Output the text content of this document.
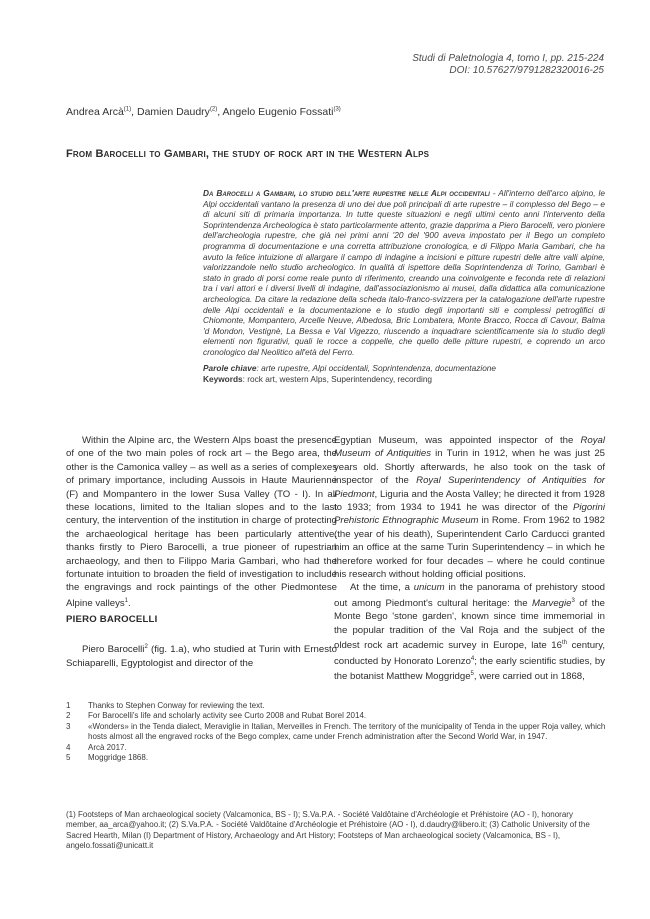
Studi di Paletnologia 4, tomo I, pp. 215-224
DOI: 10.57627/9791282320016-25
Andrea Arcà$^{(1)}$, Damien Daudry$^{(2)}$, Angelo Eugenio Fossati$^{(3)}$
From Barocelli to Gambari, the study of rock art in the Western Alps
Da Barocelli a Gambari, lo studio dell'arte rupestre nelle Alpi occidentali - All'interno dell'arco alpino, le Alpi occidentali vantano la presenza di uno dei due poli principali di arte rupestre – il complesso del Bego – e di alcuni siti di primaria importanza. In tutte queste situazioni e negli ultimi cento anni l'intervento della Soprintendenza Archeologica è stato particolarmente attento, grazie dapprima a Piero Barocelli, vero pioniere dell'archeologia rupestre, che già nei primi anni '20 del '900 aveva impostato per il Bego un completo programma di documentazione e una corretta attribuzione cronologica, e di Filippo Maria Gambari, che ha avuto la felice intuizione di allargare il campo di indagine a incisioni e pitture rupestri delle altre valli alpine, valorizzandole nello studio archeologico. In qualità di ispettore della Soprintendenza di Torino, Gambari è stato in grado di porsi come reale punto di riferimento, creando una coinvolgente e feconda rete di relazioni tra i vari attori e i diversi livelli di indagine, dall'associazionismo ai musei, dalla didattica alla comunicazione archeologica. Da citare la redazione della scheda italo-franco-svizzera per la catalogazione dell'arte rupestre delle Alpi occidentali e la documentazione e lo studio degli importanti siti e complessi petroglifici di Chiomonte, Mompantero, Arcelle Neuve, Albedosa, Bric Lombatera, Monte Bracco, Rocca di Cavour, Balma 'd Mondon, Vestignè, La Bessa e Val Vigezzo, riuscendo a inquadrare scientificamente sia lo studio degli elementi non figurativi, quali le rocce a coppelle, che quello delle pitture rupestri, e coprendo un arco cronologico dal Neolitico all'età del Ferro.
Parole chiave: arte rupestre, Alpi occidentali, Soprintendenza, documentazione
Keywords: rock art, western Alps, Superintendency, recording

Within the Alpine arc, the Western Alps boast the presence of one of the two main poles of rock art – the Bego area, the other is the Camonica valley – as well as a series of complexes of primary importance, including Aussois in Haute Maurienne (F) and Mompantero in the lower Susa Valley (TO - I). In all these locations, limited to the Italian slopes and to the last century, the intervention of the institution in charge of protecting the archaeological heritage has been particularly attentive, thanks firstly to Piero Barocelli, a true pioneer of rupestrian archaeology, and then to Filippo Maria Gambari, who had the fortunate intuition to broaden the field of investigation to include the engravings and rock paintings of the other Piedmontese Alpine valleys$^1$.

PIERO BAROCELLI

Piero Barocelli$^2$ (fig. 1.a), who studied at Turin with Ernesto Schiaparelli, Egyptologist and director of the

Egyptian Museum, was appointed inspector of the Royal Museum of Antiquities in Turin in 1912, when he was just 25 years old. Shortly afterwards, he also took on the task of inspector of the Royal Superintendency of Antiquities for Piedmont, Liguria and the Aosta Valley; he directed it from 1928 to 1933; from 1934 to 1941 he was director of the Pigorini Prehistoric Ethnographic Museum in Rome. From 1962 to 1982 (the year of his death), Superintendent Carlo Carducci granted him an office at the same Turin Superintendency – in which he therefore worked for four decades – where he could continue his research without holding official positions.

At the time, a unicum in the panorama of prehistory stood out among Piedmont's cultural heritage: the Marvegie$^3$ of the Monte Bego 'stone garden', known since time immemorial in the popular tradition of the Val Roja and the subject of the oldest rock art academic survey in Europe, late 16th century, conducted by Honorato Lorenzo$^4$; the early scientific studies, by the botanist Matthew Moggridge$^5$, were carried out in 1868,

1	Thanks to Stephen Conway for reviewing the text.
2	For Barocelli's life and scholarly activity see Curto 2008 and Rubat Borel 2014.
3	«Wonders» in the Tenda dialect, Meraviglie in Italian, Merveilles in French. The territory of the municipality of Tenda in the upper Roja valley, which hosts almost all the engraved rocks of the Bego complex, came under French administration after the Second World War, in 1947.
4	Arcà 2017.
5	Moggridge 1868.
(1) Footsteps of Man archaeological society (Valcamonica, BS - I); S.Va.P.A. - Société Valdôtaine d'Archéologie et Préhistoire (AO - I), honorary member, aa_arca@yahoo.it; (2) S.Va.P.A. - Société Valdôtaine d'Archéologie et Préhistoire (AO - I), d.daudry@libero.it; (3) Catholic University of the Sacred Hearth, Milan (I) Department of History, Archaeology and Art History; Footsteps of Man archaeological society (Valcamonica, BS - I), angelo.fossati@unicatt.it
